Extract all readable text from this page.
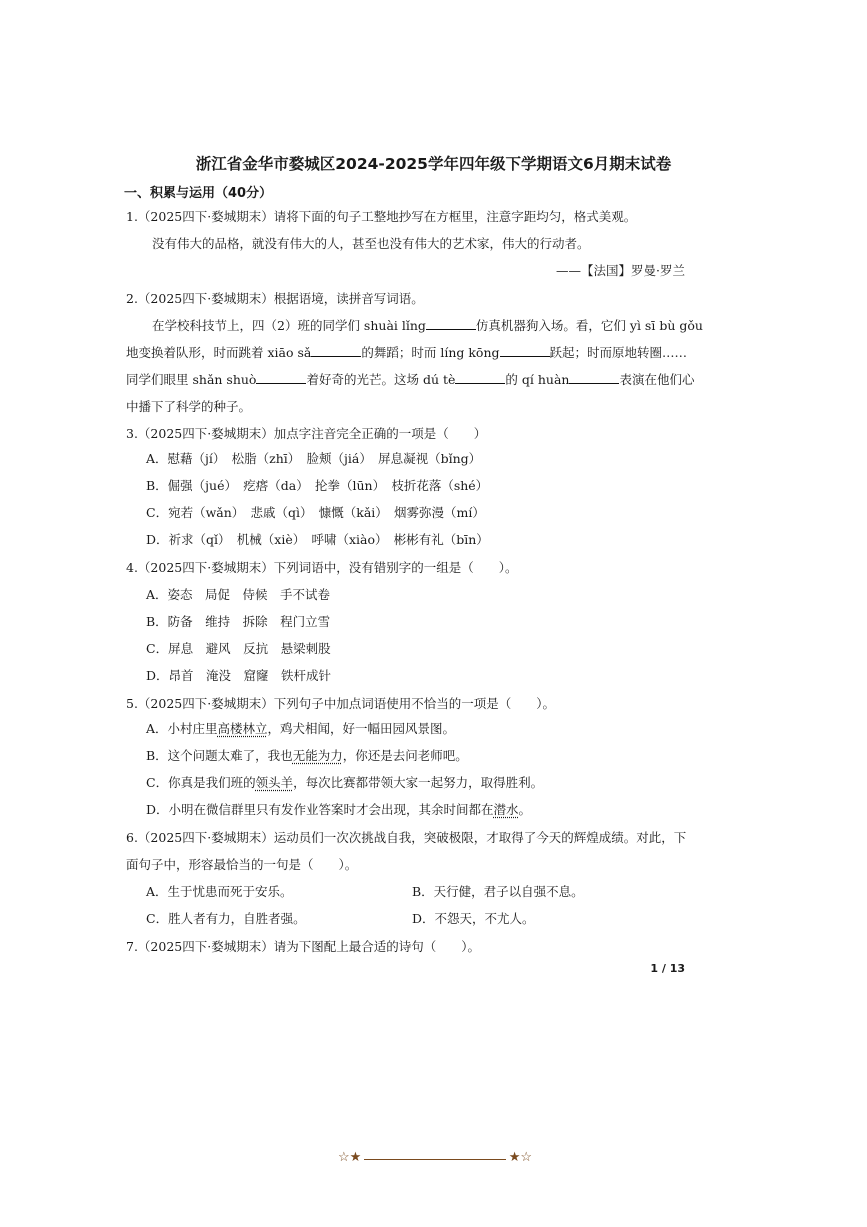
浙江省金华市婺城区2024-2025学年四年级下学期语文6月期末试卷
一、积累与运用（40分）
1.（2025四下·婺城期末）请将下面的句子工整地抄写在方框里，注意字距均匀，格式美观。
没有伟大的品格，就没有伟大的人，甚至也没有伟大的艺术家，伟大的行动者。
——【法国】罗曼·罗兰
2.（2025四下·婺城期末）根据语境，读拼音写词语。
在学校科技节上，四（2）班的同学们 shuài lǐng	仿真机器狗入场。看，它们 yì sī bù gǒu
地变换着队形，时而跳着 xiāo sǎ	的舞蹈；时而 líng kōng	跃起；时而原地转圈……
同学们眼里 shǎn shuò	着好奇的光芒。这场 dú tè	的 qí huàn	表演在他们心
中播下了科学的种子。
3.（2025四下·婺城期末）加点字注音完全正确的一项是（　　）
A．慰藉（jí）　松脂（zhī）　脸颊（jiá）　屏息凝视（bǐng）
B．倔强（jué）　疙瘩（da）　抡拳（lūn）　枝折花落（shé）
C．宛若（wǎn）　悲戚（qì）　慷慨（kǎi）　烟雾弥漫（mí）
D．祈求（qǐ）　机械（xiè）　呼啸（xiào）　彬彬有礼（bīn）
4.（2025四下·婺城期末）下列词语中，没有错别字的一组是（　　）。
A．姿态　局促　侍候　手不试卷
B．防备　维持　拆除　程门立雪
C．屏息　避风　反抗　悬梁刺股
D．昂首　淹没　窟窿　铁杆成针
5.（2025四下·婺城期末）下列句子中加点词语使用不恰当的一项是（　　）。
A．小村庄里高楼林立，鸡犬相闻，好一幅田园风景图。
B．这个问题太难了，我也无能为力，你还是去问老师吧。
C．你真是我们班的领头羊，每次比赛都带领大家一起努力，取得胜利。
D．小明在微信群里只有发作业答案时才会出现，其余时间都在潜水。
6.（2025四下·婺城期末）运动员们一次次挑战自我，突破极限，才取得了今天的辉煌成绩。对此，下
面句子中，形容最恰当的一句是（　　）。
A．生于忧患而死于安乐。	B．天行健，君子以自强不息。
C．胜人者有力，自胜者强。	D．不怨天，不尤人。
7.（2025四下·婺城期末）请为下图配上最合适的诗句（　　）。
1 / 13
☆★	★☆
